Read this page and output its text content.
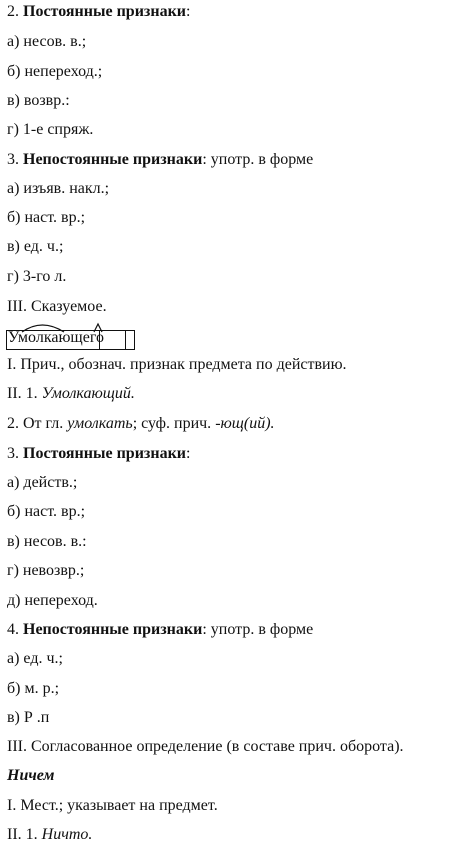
2. Постоянные признаки:
а) несов. в.;
б) непереход.;
в) возвр.:
г) 1-е спряж.
3. Непостоянные признаки: употр. в форме
а) изъяв. накл.;
б) наст. вр.;
в) ед. ч.;
г) 3-го л.
III. Сказуемое.
Умолкающего
I. Прич., обознач. признак предмета по действию.
II. 1. Умолкающий.
2. От гл. умолкать; суф. прич. -ющ(ий).
3. Постоянные признаки:
а) действ.;
б) наст. вр.;
в) несов. в.:
г) невозвр.;
д) непереход.
4. Непостоянные признаки: употр. в форме
а) ед. ч.;
б) м. р.;
в) Р .п
III. Согласованное определение (в составе прич. оборота).
Ничем
I. Мест.; указывает на предмет.
II. 1. Ничто.
